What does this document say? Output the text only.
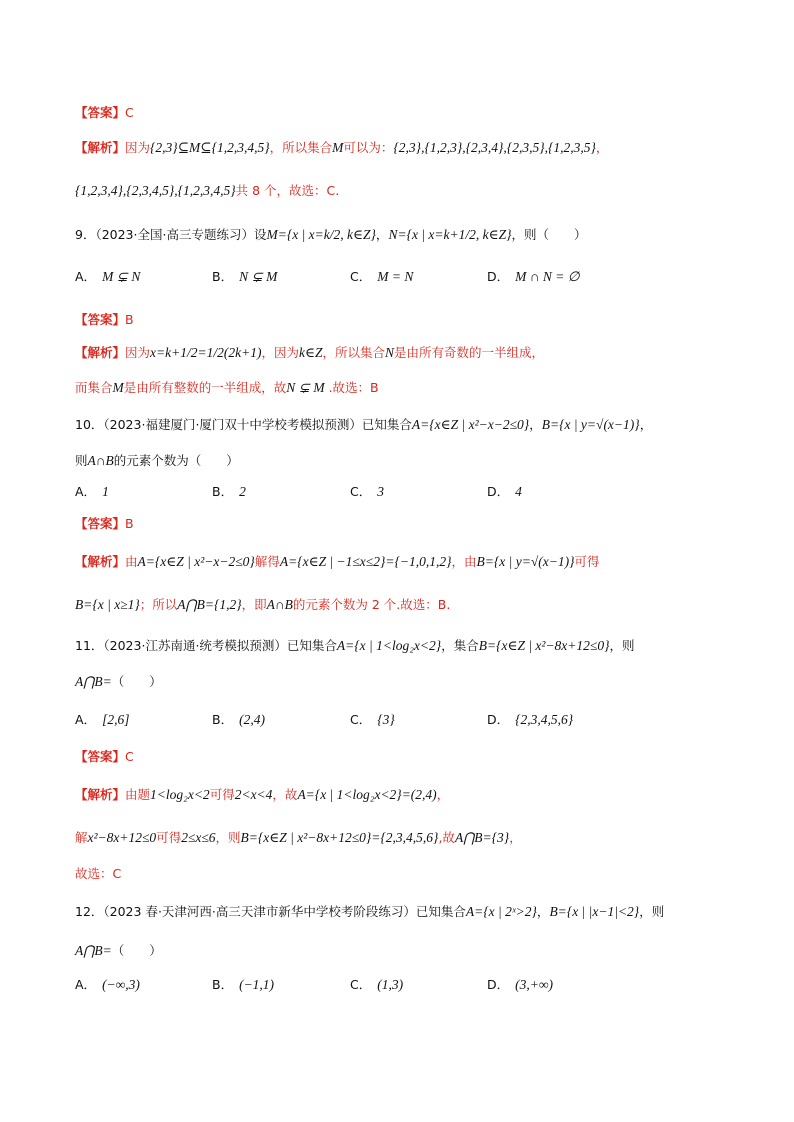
【答案】C
【解析】因为{2,3}⊆M⊆{1,2,3,4,5}，所以集合M可以为：{2,3},{1,2,3},{2,3,4},{2,3,5},{1,2,3,5}，
{1,2,3,4},{2,3,4,5},{1,2,3,4,5}共 8 个，故选：C.
9．（2023·全国·高三专题练习）设M={x | x=k/2, k∈Z}，N={x | x=k+1/2, k∈Z}，则（　　）
【答案】B
【解析】因为x=k+1/2=1/2(2k+1)，因为k∈Z，所以集合N是由所有奇数的一半组成，
而集合M是由所有整数的一半组成，故N ⊊ M .故选：B
10．（2023·福建厦门·厦门双十中学校考模拟预测）已知集合A={x∈Z | x²−x−2≤0}，B={x | y=√(x−1)}，
则A∩B的元素个数为（　　）
【答案】B
【解析】由A={x∈Z | x²−x−2≤0}解得A={x∈Z | −1≤x≤2}={−1,0,1,2}，由B={x | y=√(x−1)}可得
B={x | x≥1}；所以A⋂B={1,2}，即A∩B的元素个数为 2 个.故选：B.
11．（2023·江苏南通·统考模拟预测）已知集合A={x | 1<log₂x<2}，集合B={x∈Z | x²−8x+12≤0}，则
A⋂B=（　　）
【答案】C
【解析】由题1<log₂x<2可得2<x<4，故A={x | 1<log₂x<2}=(2,4)，
解x²−8x+12≤0可得2≤x≤6，则B={x∈Z | x²−8x+12≤0}={2,3,4,5,6},故A⋂B={3}，
故选：C
12．（2023 春·天津河西·高三天津市新华中学校考阶段练习）已知集合A={x | 2ˣ>2}，B={x | |x−1|<2}，则
A⋂B=（　　）
A． M ⊊ N	B． N ⊊ M	C． M = N	D． M ∩ N = ∅
A． 1	B． 2	C． 3	D． 4
A． [2,6]	B． (2,4)	C． {3}	D． {2,3,4,5,6}
A． (−∞,3)	B． (−1,1)	C． (1,3)	D． (3,+∞)
